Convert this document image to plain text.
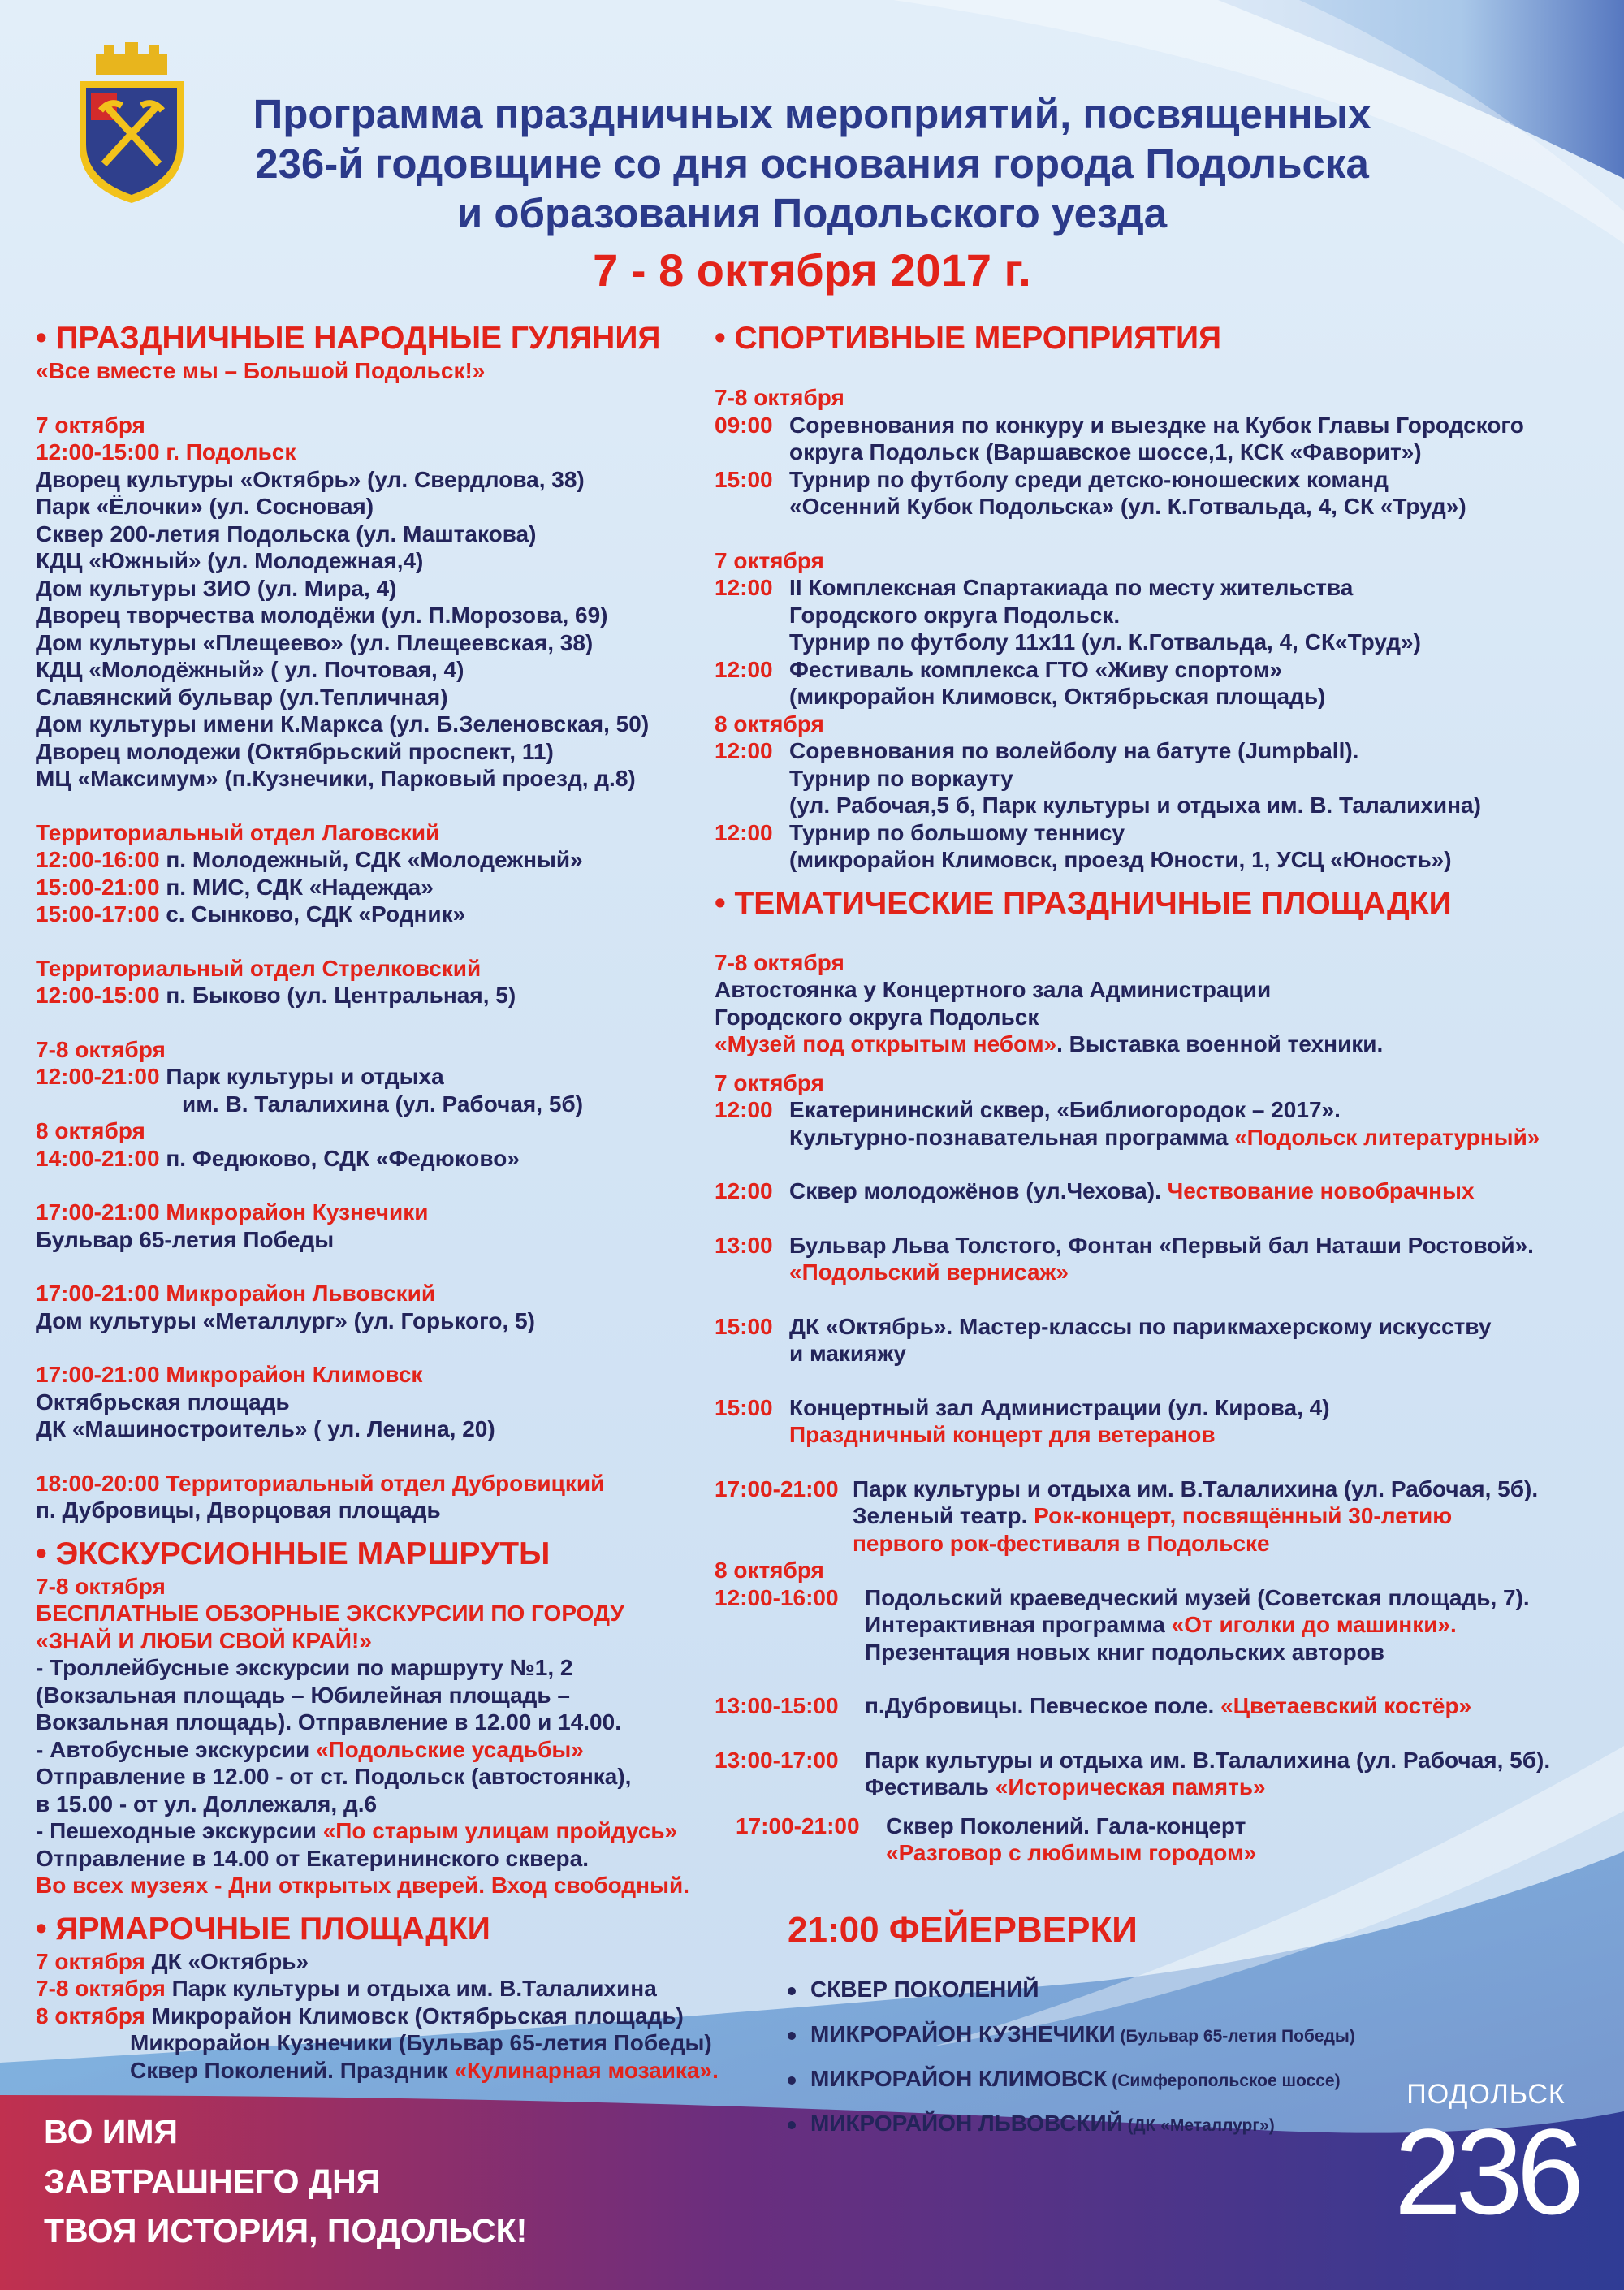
Программа праздничных мероприятий, посвященных
236-й годовщине со дня основания города Подольска
и образования Подольского уезда
7 - 8 октября 2017 г.
• ПРАЗДНИЧНЫЕ НАРОДНЫЕ ГУЛЯНИЯ
«Все вместе мы – Большой Подольск!»
7 октября
12:00-15:00 г. Подольск
Дворец культуры «Октябрь» (ул. Свердлова, 38)
Парк «Ёлочки» (ул. Сосновая)
Сквер 200-летия Подольска (ул. Маштакова)
КДЦ «Южный» (ул. Молодежная,4)
Дом культуры ЗИО (ул. Мира, 4)
Дворец творчества молодёжи (ул. П.Морозова, 69)
Дом культуры «Плещеево» (ул. Плещеевская, 38)
КДЦ «Молодёжный» ( ул. Почтовая, 4)
Славянский бульвар (ул.Тепличная)
Дом культуры имени К.Маркса (ул. Б.Зеленовская, 50)
Дворец молодежи (Октябрьский проспект, 11)
МЦ «Максимум» (п.Кузнечики, Парковый проезд, д.8)
Территориальный отдел Лаговский
12:00-16:00 п. Молодежный, СДК «Молодежный»
15:00-21:00 п. МИС, СДК «Надежда»
15:00-17:00 с. Сынково, СДК «Родник»
Территориальный отдел Стрелковский
12:00-15:00 п. Быково (ул. Центральная, 5)
7-8 октября
12:00-21:00 Парк культуры и отдыха
им. В. Талалихина (ул. Рабочая, 5б)
8 октября
14:00-21:00 п. Федюково, СДК «Федюково»
17:00-21:00 Микрорайон Кузнечики
Бульвар 65-летия Победы
17:00-21:00 Микрорайон Львовский
Дом культуры «Металлург» (ул. Горького, 5)
17:00-21:00 Микрорайон Климовск
Октябрьская площадь
ДК «Машиностроитель» ( ул. Ленина, 20)
18:00-20:00 Территориальный отдел Дубровицкий
п. Дубровицы, Дворцовая площадь
• ЭКСКУРСИОННЫЕ МАРШРУТЫ
7-8 октября
БЕСПЛАТНЫЕ ОБЗОРНЫЕ ЭКСКУРСИИ ПО ГОРОДУ
«ЗНАЙ И ЛЮБИ СВОЙ КРАЙ!»
- Троллейбусные экскурсии по маршруту №1, 2
(Вокзальная площадь – Юбилейная площадь –
Вокзальная площадь). Отправление в 12.00 и 14.00.
- Автобусные экскурсии «Подольские усадьбы»
Отправление в 12.00 - от ст. Подольск (автостоянка),
в 15.00 - от ул. Доллежаля, д.6
- Пешеходные экскурсии «По старым улицам пройдусь»
Отправление в 14.00 от Екатерининского сквера.
Во всех музеях - Дни открытых дверей. Вход свободный.
• ЯРМАРОЧНЫЕ ПЛОЩАДКИ
7 октября ДК «Октябрь»
7-8 октября Парк культуры и отдыха им. В.Талалихина
8 октября Микрорайон Климовск (Октябрьская площадь)
Микрорайон Кузнечики (Бульвар 65-летия Победы)
Сквер Поколений. Праздник «Кулинарная мозаика».
• СПОРТИВНЫЕ МЕРОПРИЯТИЯ
7-8 октября
09:00 Соревнования по конкуру и выездке на Кубок Главы Городского
округа Подольск (Варшавское шоссе,1, КСК «Фаворит»)
15:00 Турнир по футболу среди детско-юношеских команд
«Осенний Кубок Подольска» (ул. К.Готвальда, 4, СК «Труд»)
7 октября
12:00 II Комплексная Спартакиада по месту жительства
Городского округа Подольск.
Турнир по футболу 11х11 (ул. К.Готвальда, 4, СК«Труд»)
12:00 Фестиваль комплекса ГТО «Живу спортом»
(микрорайон Климовск, Октябрьская площадь)
8 октября
12:00 Соревнования по волейболу на батуте (Jumpball).
Турнир по воркауту
(ул. Рабочая,5 б, Парк культуры и отдыха им. В. Талалихина)
12:00 Турнир по большому теннису
(микрорайон Климовск, проезд Юности, 1, УСЦ «Юность»)
• ТЕМАТИЧЕСКИЕ ПРАЗДНИЧНЫЕ ПЛОЩАДКИ
7-8 октября
Автостоянка у Концертного зала Администрации
Городского округа Подольск
«Музей под открытым небом». Выставка военной техники.
7 октября
12:00 Екатерининский сквер, «Библиогородок – 2017».
Культурно-познавательная программа «Подольск литературный»
12:00 Сквер молодожёнов (ул.Чехова). Чествование новобрачных
13:00 Бульвар Льва Толстого, Фонтан «Первый бал Наташи Ростовой».
«Подольский вернисаж»
15:00 ДК «Октябрь». Мастер-классы по парикмахерскому искусству
и макияжу
15:00 Концертный зал Администрации (ул. Кирова, 4)
Праздничный концерт для ветеранов
17:00-21:00 Парк культуры и отдыха им. В.Талалихина (ул. Рабочая, 5б).
Зеленый театр. Рок-концерт, посвящённый 30-летию
первого рок-фестиваля в Подольске
8 октября
12:00-16:00	Подольский краеведческий музей (Советская площадь, 7).
Интерактивная программа «От иголки до машинки».
Презентация новых книг подольских авторов
13:00-15:00	п.Дубровицы. Певческое поле. «Цветаевский костёр»
13:00-17:00	Парк культуры и отдыха им. В.Талалихина (ул. Рабочая, 5б).
Фестиваль «Историческая память»
17:00-21:00	Сквер Поколений. Гала-концерт
«Разговор с любимым городом»
21:00 ФЕЙЕРВЕРКИ
СКВЕР ПОКОЛЕНИЙ
МИКРОРАЙОН КУЗНЕЧИКИ (Бульвар 65-летия Победы)
МИКРОРАЙОН КЛИМОВСК (Симферопольское шоссе)
МИКРОРАЙОН ЛЬВОВСКИЙ (ДК «Металлург»)
ВО ИМЯ
ЗАВТРАШНЕГО ДНЯ
ТВОЯ ИСТОРИЯ, ПОДОЛЬСК!
ПОДОЛЬСК
236
